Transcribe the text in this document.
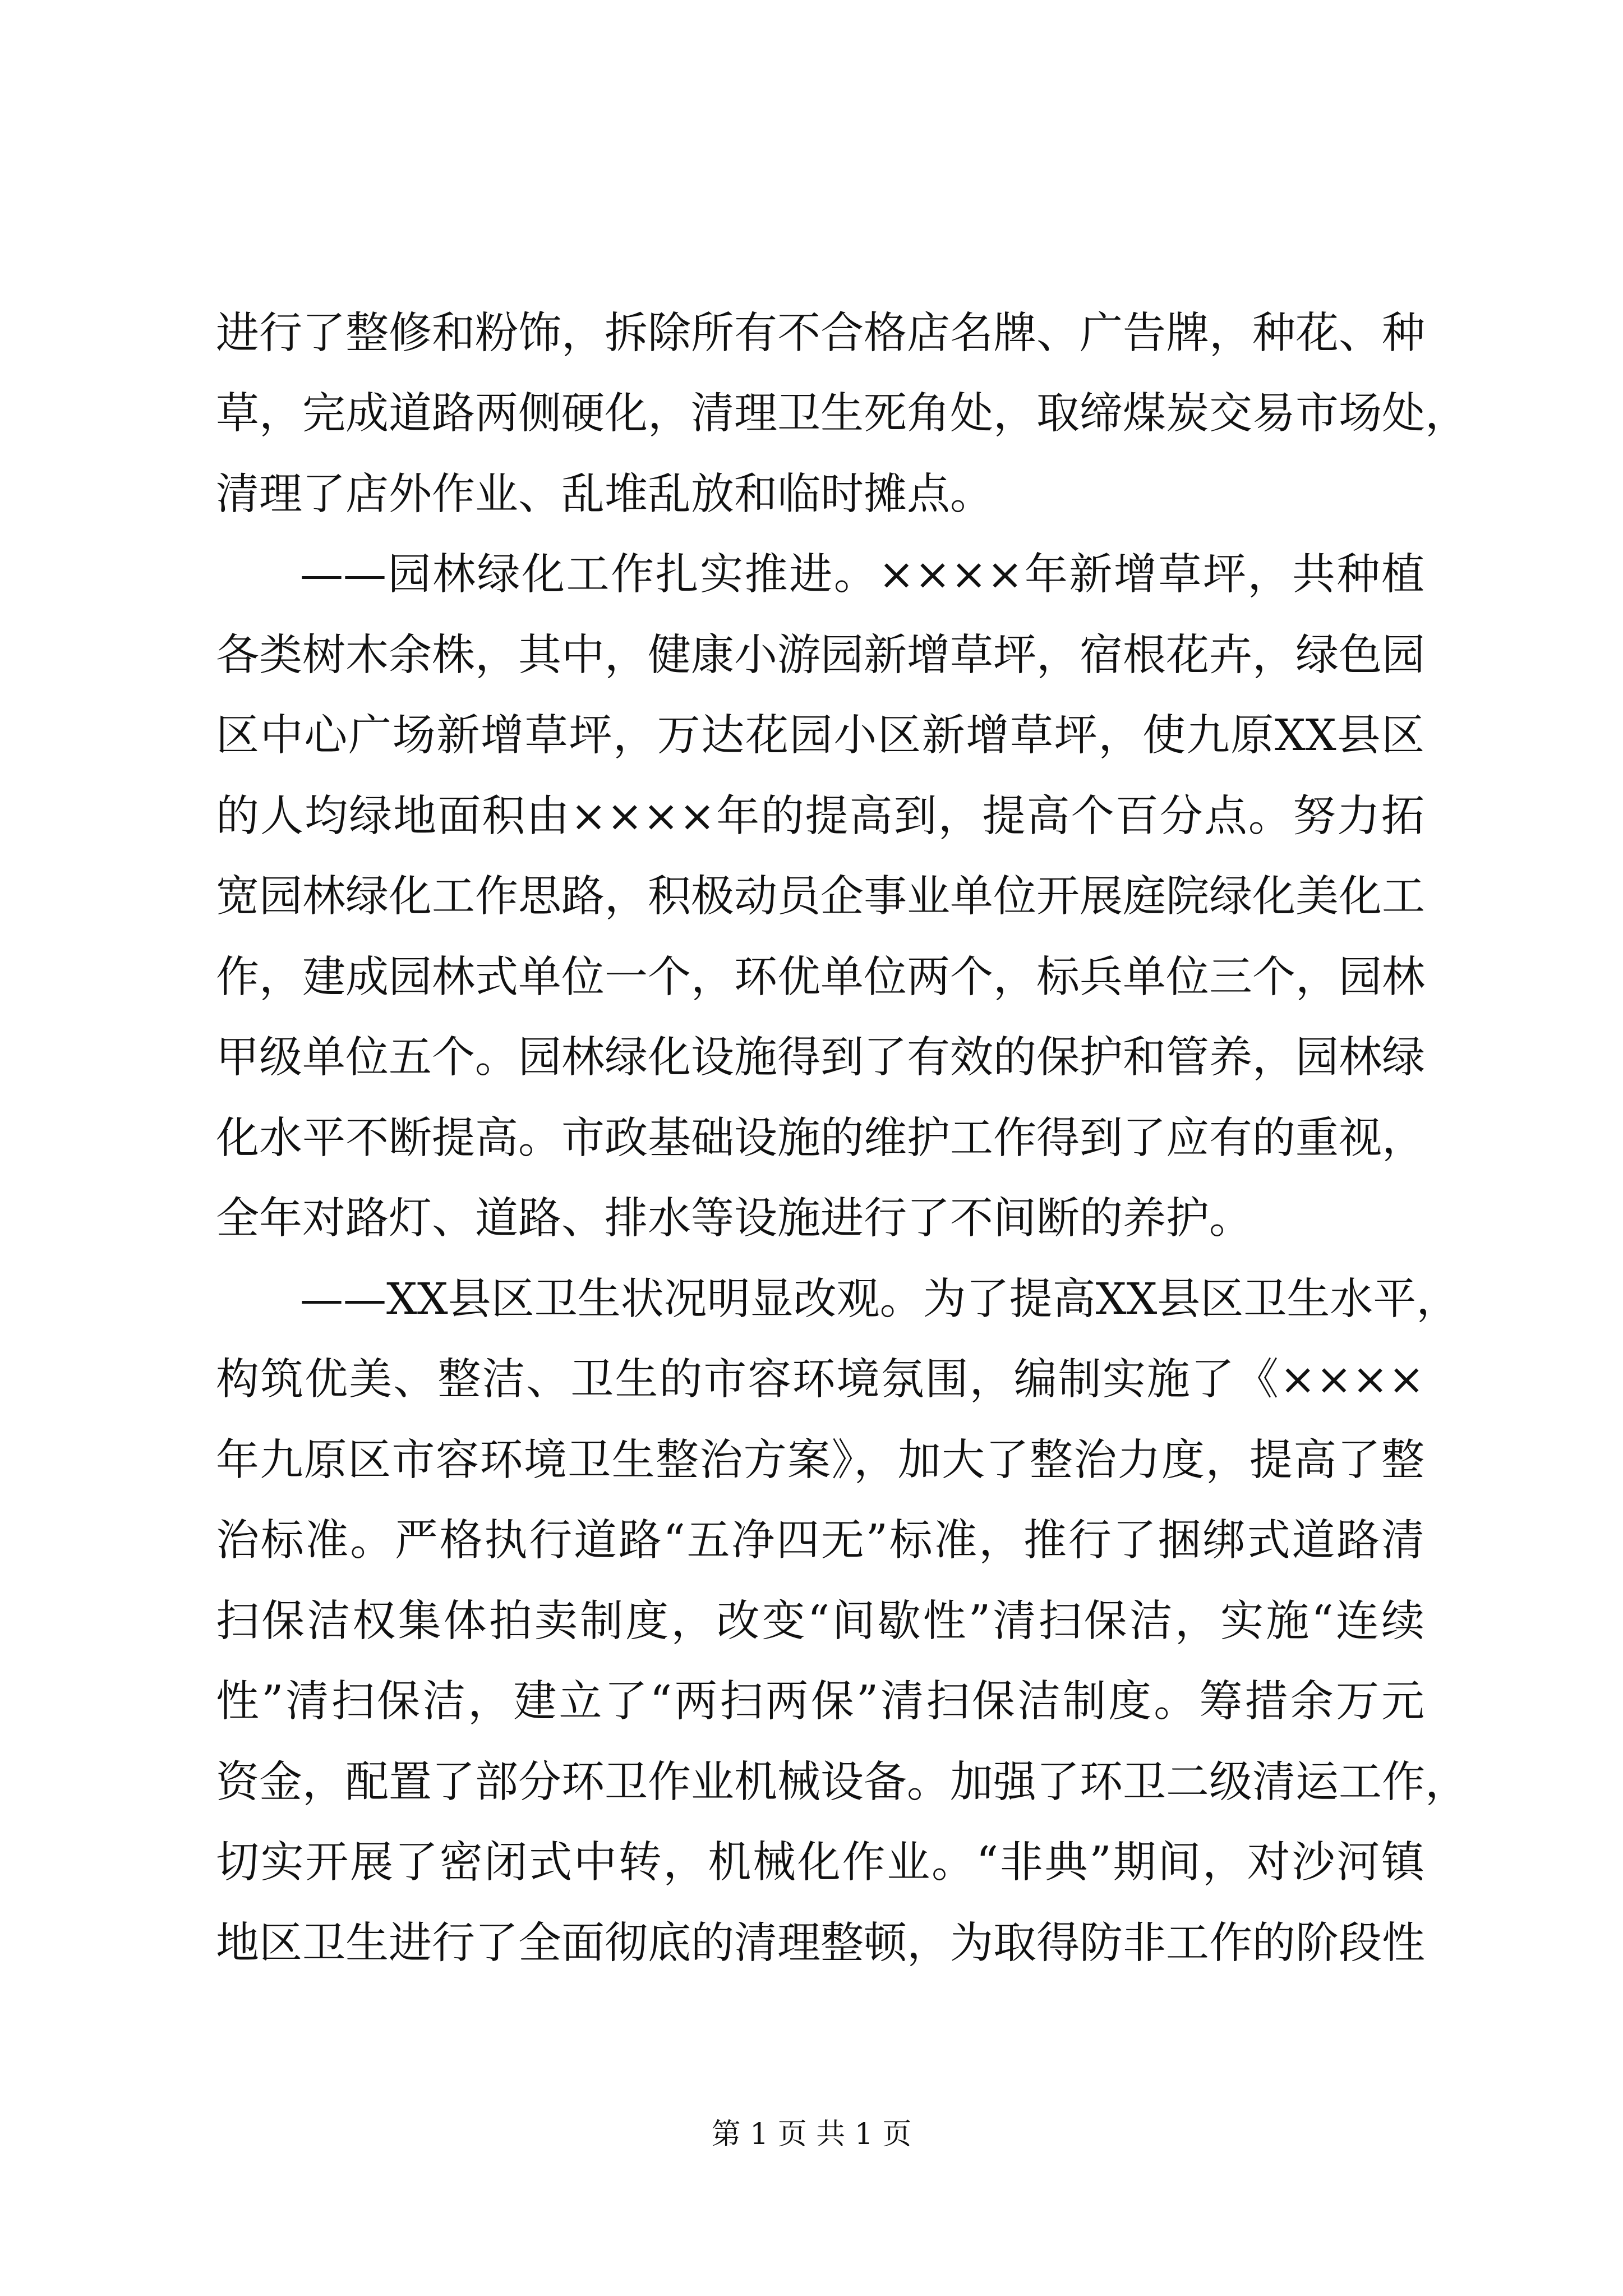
进行了整修和粉饰，拆除所有不合格店名牌、广告牌，种花、种
草，完成道路两侧硬化，清理卫生死角处，取缔煤炭交易市场处，
清理了店外作业、乱堆乱放和临时摊点。
——园林绿化工作扎实推进。××××年新增草坪，共种植
各类树木余株，其中，健康小游园新增草坪，宿根花卉，绿色园
区中心广场新增草坪，万达花园小区新增草坪，使九原XX县区
的人均绿地面积由××××年的提高到，提高个百分点。努力拓
宽园林绿化工作思路，积极动员企事业单位开展庭院绿化美化工
作，建成园林式单位一个，环优单位两个，标兵单位三个，园林
甲级单位五个。园林绿化设施得到了有效的保护和管养，园林绿
化水平不断提高。市政基础设施的维护工作得到了应有的重视，
全年对路灯、道路、排水等设施进行了不间断的养护。
——XX县区卫生状况明显改观。为了提高XX县区卫生水平，
构筑优美、整洁、卫生的市容环境氛围，编制实施了《××××
年九原区市容环境卫生整治方案》，加大了整治力度，提高了整
治标准。严格执行道路“五净四无”标准，推行了捆绑式道路清
扫保洁权集体拍卖制度，改变“间歇性”清扫保洁，实施“连续
性”清扫保洁，建立了“两扫两保”清扫保洁制度。筹措余万元
资金，配置了部分环卫作业机械设备。加强了环卫二级清运工作，
切实开展了密闭式中转，机械化作业。“非典”期间，对沙河镇
地区卫生进行了全面彻底的清理整顿，为取得防非工作的阶段性
第 1 页 共 1 页
